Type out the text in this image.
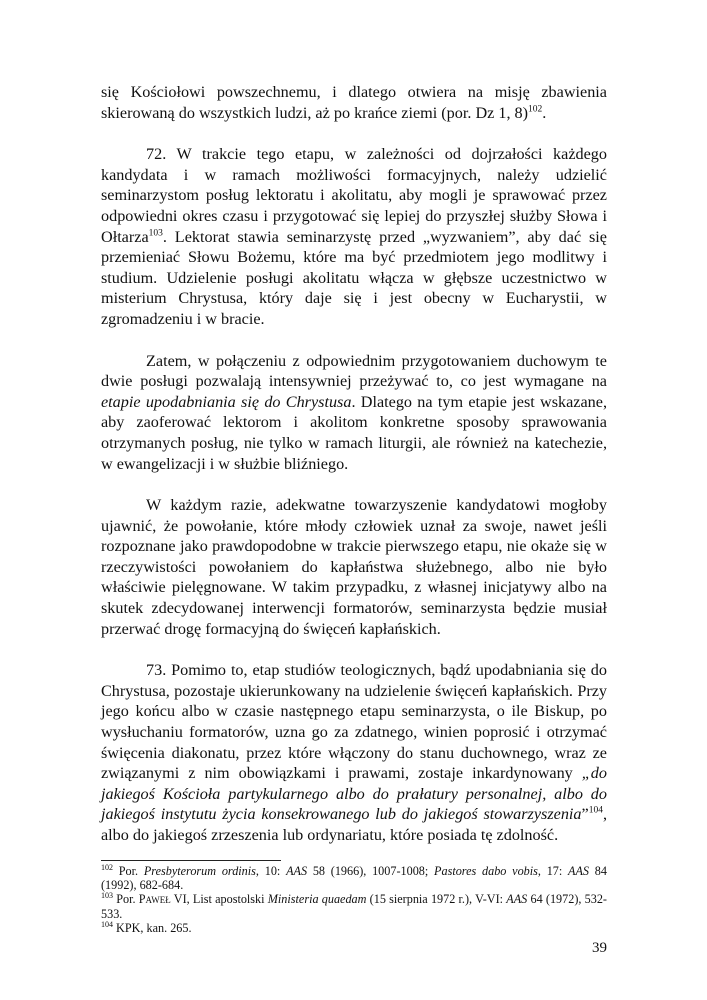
się Kościołowi powszechnemu, i dlatego otwiera na misję zbawienia skierowaną do wszystkich ludzi, aż po krańce ziemi (por. Dz 1, 8)$^{102}$.

72. W trakcie tego etapu, w zależności od dojrzałości każdego kandydata i w ramach możliwości formacyjnych, należy udzielić seminarzystom posług lektoratu i akolitatu, aby mogli je sprawować przez odpowiedni okres czasu i przygotować się lepiej do przyszłej służby Słowa i Ołtarza$^{103}$. Lektorat stawia seminarzystę przed „wyzwaniem”, aby dać się przemieniać Słowu Bożemu, które ma być przedmiotem jego modlitwy i studium. Udzielenie posługi akolitatu włącza w głębsze uczestnictwo w misterium Chrystusa, który daje się i jest obecny w Eucharystii, w zgromadzeniu i w bracie.

Zatem, w połączeniu z odpowiednim przygotowaniem duchowym te dwie posługi pozwalają intensywniej przeżywać to, co jest wymagane na etapie upodabniania się do Chrystusa. Dlatego na tym etapie jest wskazane, aby zaoferować lektorom i akolitom konkretne sposoby sprawowania otrzymanych posług, nie tylko w ramach liturgii, ale również na katechezie, w ewangelizacji i w służbie bliźniego.

W każdym razie, adekwatne towarzyszenie kandydatowi mogłoby ujawnić, że powołanie, które młody człowiek uznał za swoje, nawet jeśli rozpoznane jako prawdopodobne w trakcie pierwszego etapu, nie okaże się w rzeczywistości powołaniem do kapłaństwa służebnego, albo nie było właściwie pielęgnowane. W takim przypadku, z własnej inicjatywy albo na skutek zdecydowanej interwencji formatorów, seminarzysta będzie musiał przerwać drogę formacyjną do święceń kapłańskich.

73. Pomimo to, etap studiów teologicznych, bądź upodabniania się do Chrystusa, pozostaje ukierunkowany na udzielenie święceń kapłańskich. Przy jego końcu albo w czasie następnego etapu seminarzysta, o ile Biskup, po wysłuchaniu formatorów, uzna go za zdatnego, winien poprosić i otrzymać święcenia diakonatu, przez które włączony do stanu duchownego, wraz ze związanymi z nim obowiązkami i prawami, zostaje inkardynowany „do jakiegoś Kościoła partykularnego albo do prałatury personalnej, albo do jakiegoś instytutu życia konsekrowanego lub do jakiegoś stowarzyszenia”$^{104}$, albo do jakiegoś zrzeszenia lub ordynariatu, które posiada tę zdolność.

$^{102}$ Por. Presbyterorum ordinis, 10: AAS 58 (1966), 1007-1008; Pastores dabo vobis, 17: AAS 84 (1992), 682-684.

$^{103}$ Por. Paweł VI, List apostolski Ministeria quaedam (15 sierpnia 1972 r.), V-VI: AAS 64 (1972), 532-533.

$^{104}$ KPK, kan. 265.

39
